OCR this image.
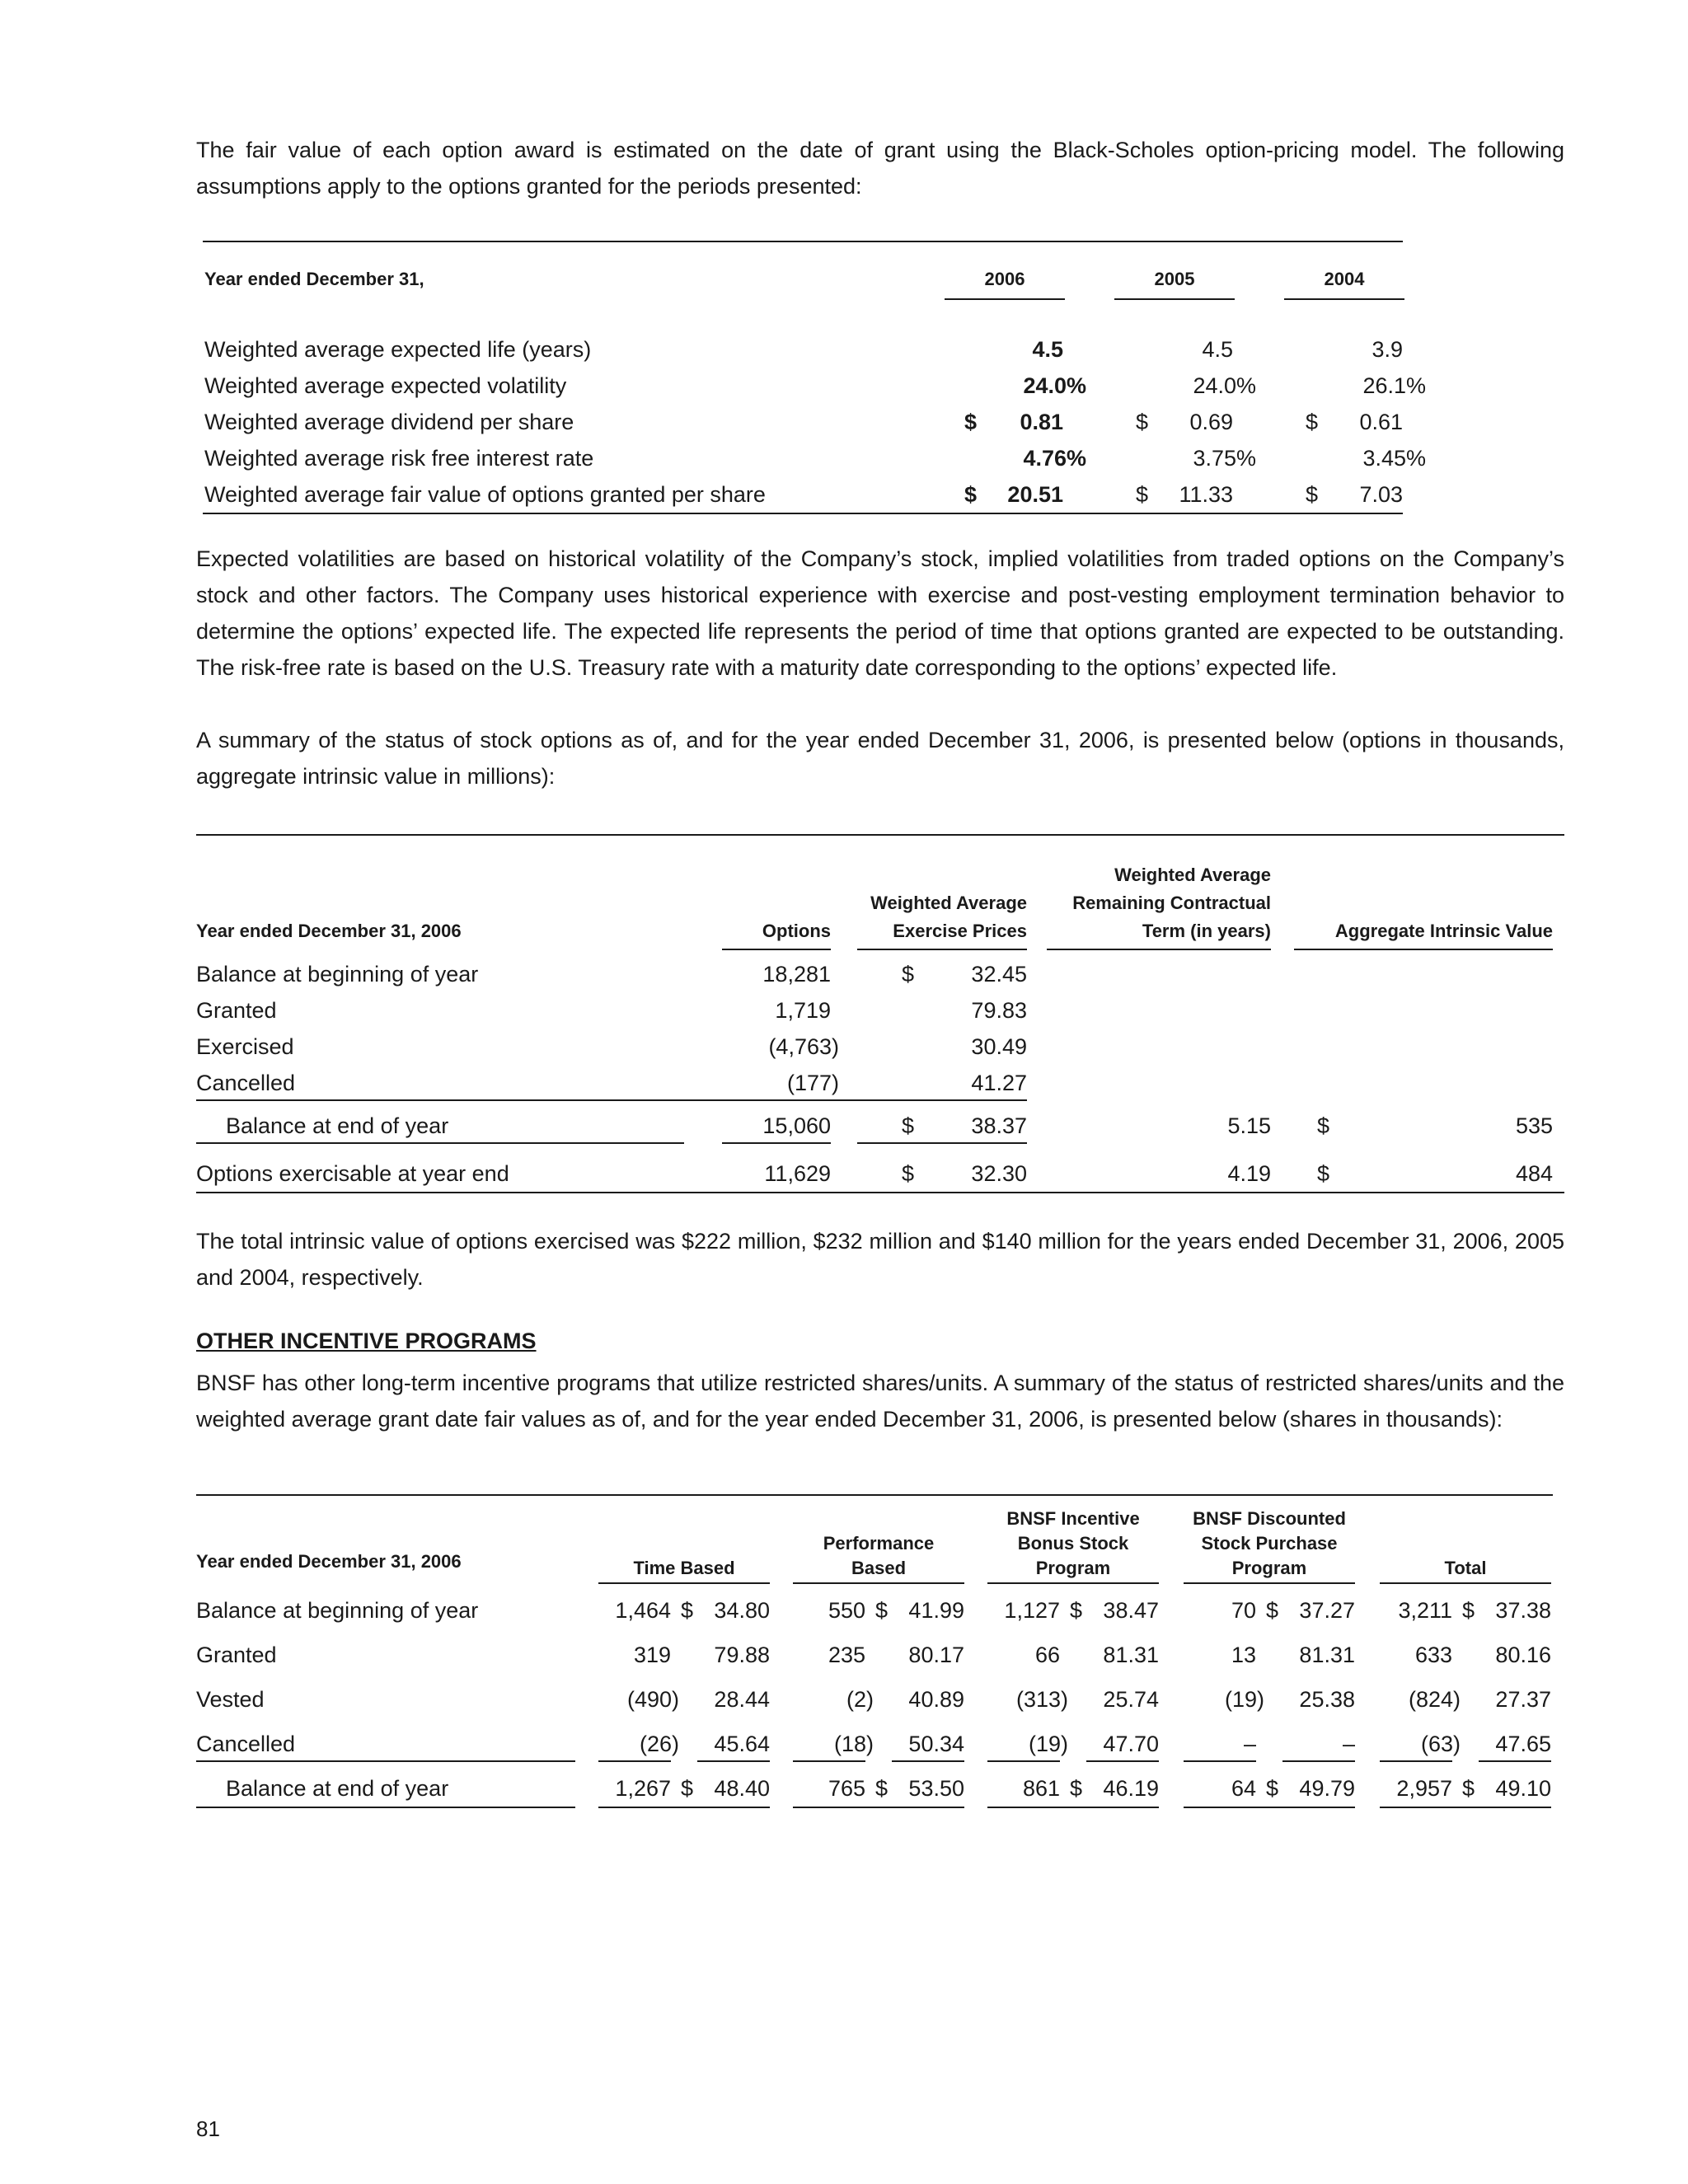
The fair value of each option award is estimated on the date of grant using the Black-Scholes option-pricing model. The following assumptions apply to the options granted for the periods presented:

Year ended December 31,	2006	2005	2004
Weighted average expected life (years)	4.5	4.5	3.9
Weighted average expected volatility	24.0%	24.0%	26.1%
Weighted average dividend per share	$	0.81	$	0.69	$	0.61
Weighted average risk free interest rate	4.76%	3.75%	3.45%
Weighted average fair value of options granted per share	$	20.51	$	11.33	$	7.03

Expected volatilities are based on historical volatility of the Company’s stock, implied volatilities from traded options on the Company’s stock and other factors. The Company uses historical experience with exercise and post-vesting employment termination behavior to determine the options’ expected life. The expected life represents the period of time that options granted are expected to be outstanding. The risk-free rate is based on the U.S. Treasury rate with a maturity date corresponding to the options’ expected life.

A summary of the status of stock options as of, and for the year ended December 31, 2006, is presented below (options in thousands, aggregate intrinsic value in millions):

Year ended December 31, 2006	Options
Weighted Average
Exercise Prices
Weighted Average
Remaining Contractual
Term (in years)	Aggregate Intrinsic Value
Balance at beginning of year	18,281	$	32.45
Granted	1,719	79.83
Exercised	(4,763)	30.49
Cancelled	(177)	41.27
Balance at end of year	15,060	$	38.37	5.15 $	535
Options exercisable at year end	11,629	$	32.30	4.19 $	484

The total intrinsic value of options exercised was $222 million, $232 million and $140 million for the years ended December 31, 2006, 2005 and 2004, respectively.

OTHER INCENTIVE PROGRAMS

BNSF has other long-term incentive programs that utilize restricted shares/units. A summary of the status of restricted shares/units and the weighted average grant date fair values as of, and for the year ended December 31, 2006, is presented below (shares in thousands):

Year ended December 31, 2006	Time Based
Performance
Based
BNSF Incentive
Bonus Stock
Program
BNSF Discounted
Stock Purchase
Program	Total
Balance at beginning of year	1,464 $ 34.80	550 $ 41.99	1,127 $ 38.47	70 $ 37.27	3,211 $ 37.38
Granted	319	79.88	235	80.17	66	81.31	13	81.31	633	80.16
Vested	(490)	28.44	(2)	40.89	(313)	25.74	(19)	25.38	(824)	27.37
Cancelled	(26)	45.64	(18)	50.34	(19)	47.70	–	–	(63)	47.65
Balance at end of year	1,267 $ 48.40	765 $ 53.50	861 $ 46.19	64 $ 49.79	2,957 $ 49.10
81
